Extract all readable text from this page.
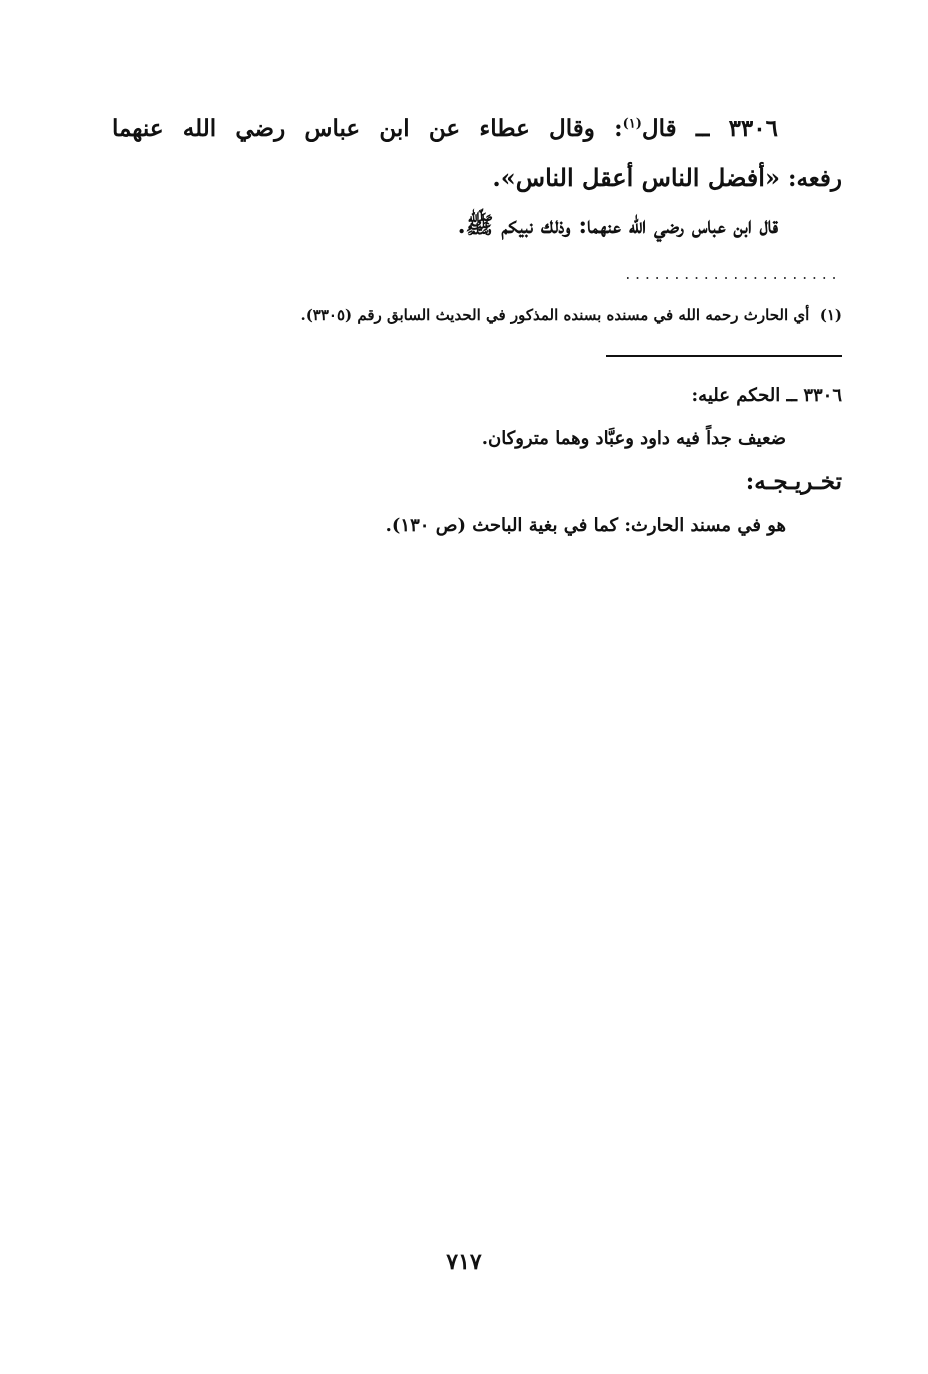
٣٣٠٦ ــ قال$^{(١)}$: وقال عطاء عن ابن عباس رضي الله عنهما
رفعه: «أفضل الناس أعقل الناس».
قال ابن عباس رضي الله عنهما: وذلك نبيكم ﷺ.
......................
(١)  أي الحارث رحمه الله في مسنده بسنده المذكور في الحديث السابق رقم (٣٣٠٥).
٣٣٠٦ ــ الحكم عليه:
ضعيف جداً فيه داود وعبَّاد وهما متروكان.
تخـريـجـه:
هو في مسند الحارث: كما في بغية الباحث (ص ١٣٠).
٧١٧
